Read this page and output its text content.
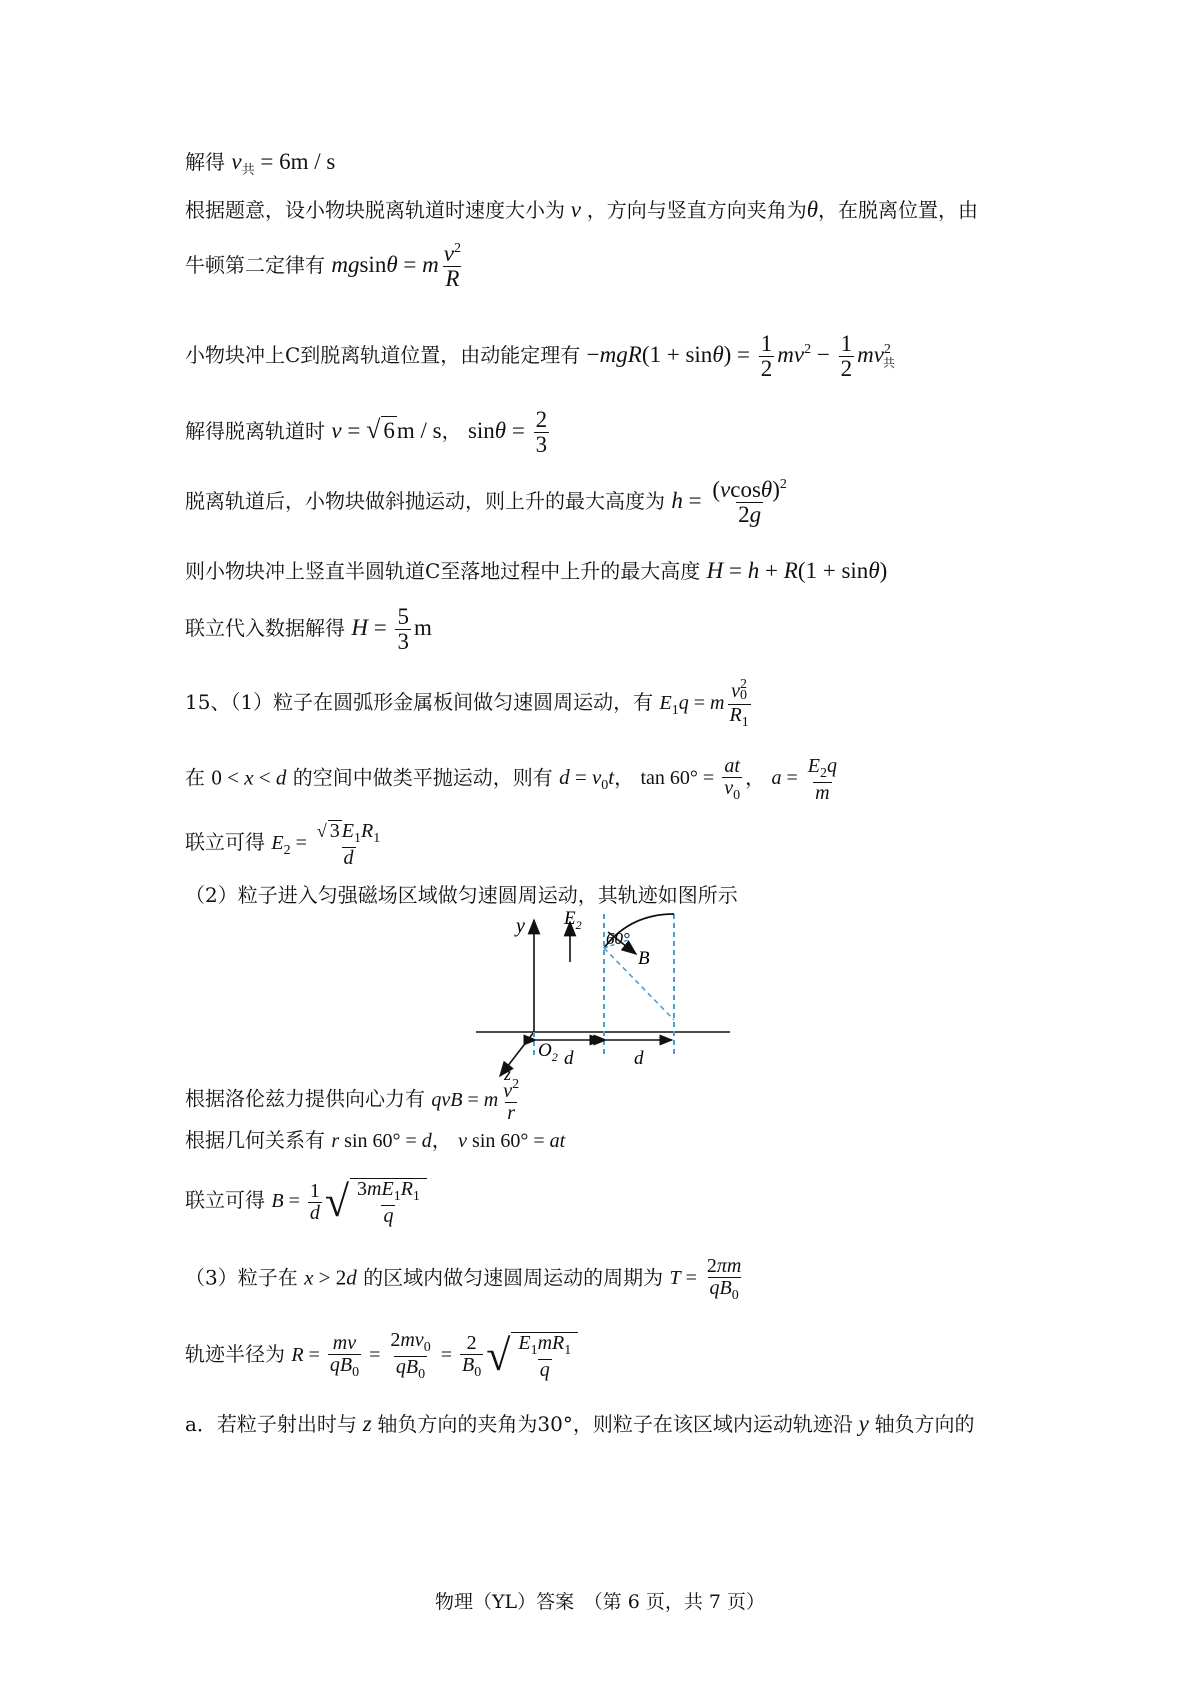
解得 $v_共 = 6m / s$
根据题意，设小物块脱离轨道时速度大小为 v ，方向与竖直方向夹角为θ，在脱离位置，由
牛顿第二定律有 mgsinθ = m $\frac{v^2}{R}$
小物块冲上C到脱离轨道位置，由动能定理有 $-mgR(1 + \sin\theta) = \frac{1}{2} mv^2 - \frac{1}{2} mv^2_共$
解得脱离轨道时 v = √ 6m / s， $\sin\theta = \frac{2}{3}$
脱离轨道后，小物块做斜抛运动，则上升的最大高度为 $h = \frac{(vcos\theta)^2}{2g}$
则小物块冲上竖直半圆轨道C至落地过程中上升的最大高度 H = h + R(1 + sinθ)
联立代入数据解得 $H = \frac{5}{3}$ m
15、（1）粒子在圆弧形金属板间做匀速圆周运动，有 $E_1q = m \frac{v0^2}{R_1}$
在 0 < x < d 的空间中做类平抛运动，则有 $d = v_0t$， $\tan 60^\circ = \frac{at}{v_0}$ ， $a = \frac{E_2q}{m}$
联立可得 $E_2 = \frac{√ 3 E_1R_1}{d}$
（2）粒子进入匀强磁场区域做匀速圆周运动，其轨迹如图所示
y
z
$O_2$
$E_2$
60°
B
d	d
根据洛伦兹力提供向心力有 qvB = m $\frac{v^2}{r}$
根据几何关系有 r sin 60° = d， v sin 60° = at
联立可得 $B = \frac{1}{d}$ √ $\frac{3mE_1R_1}{q}$
（3）粒子在 x > 2d 的区域内做匀速圆周运动的周期为 $T = \frac{2\pi m}{qB_0}$
轨迹半径为 $R = \frac{mv}{qB_0} = \frac{2mv_0}{qB_0} = \frac{2}{B_0}$ √ $\frac{E_1mR_1}{q}$
a．若粒子射出时与 z 轴负方向的夹角为30°，则粒子在该区域内运动轨迹沿 y 轴负方向的
物理（YL）答案　（第 6 页，共 7 页）
